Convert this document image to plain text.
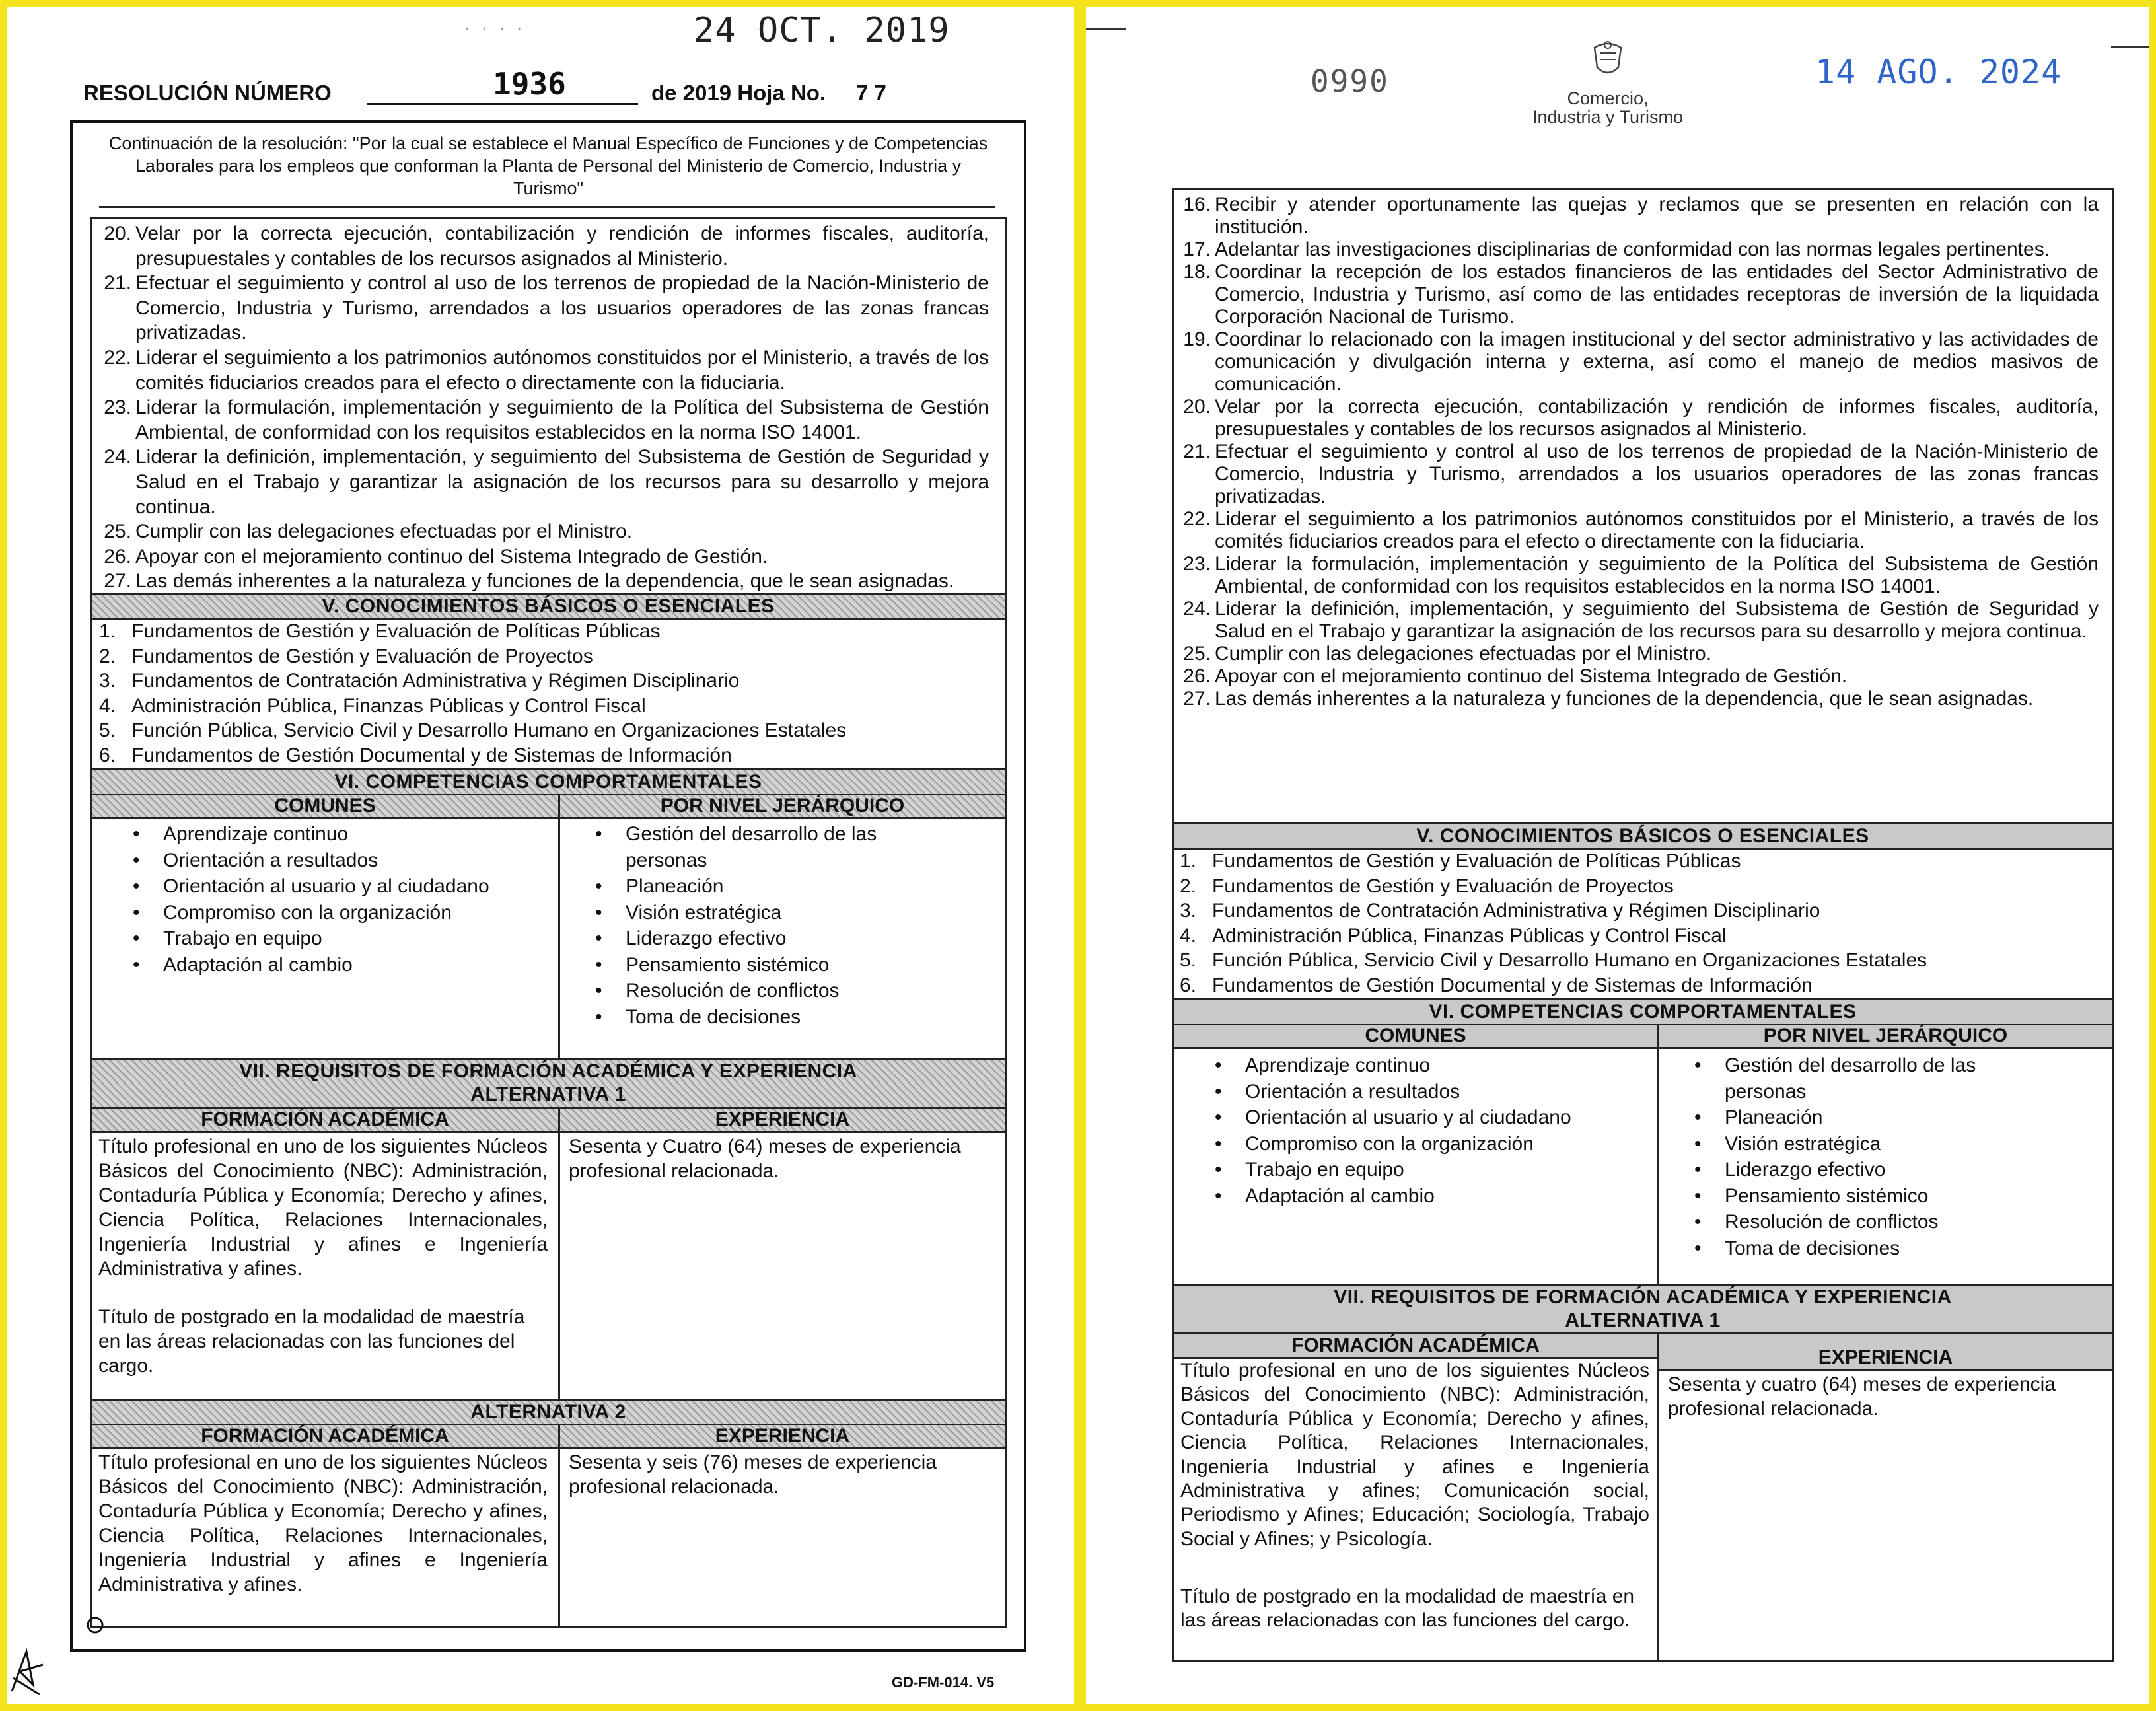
· · · ·	24 OCT. 2019
RESOLUCIÓN NÚMERO	1936	de 2019 Hoja No. 7 7
Continuación de la resolución: "Por la cual se establece el Manual Específico de Funciones y de Competencias Laborales para los empleos que conforman la Planta de Personal del Ministerio de Comercio, Industria y Turismo"
20. Velar por la correcta ejecución, contabilización y rendición de informes fiscales, auditoría, presupuestales y contables de los recursos asignados al Ministerio.
21. Efectuar el seguimiento y control al uso de los terrenos de propiedad de la Nación-Ministerio de Comercio, Industria y Turismo, arrendados a los usuarios operadores de las zonas francas privatizadas.
22. Liderar el seguimiento a los patrimonios autónomos constituidos por el Ministerio, a través de los comités fiduciarios creados para el efecto o directamente con la fiduciaria.
23. Liderar la formulación, implementación y seguimiento de la Política del Subsistema de Gestión Ambiental, de conformidad con los requisitos establecidos en la norma ISO 14001.
24. Liderar la definición, implementación, y seguimiento del Subsistema de Gestión de Seguridad y Salud en el Trabajo y garantizar la asignación de los recursos para su desarrollo y mejora continua.
25. Cumplir con las delegaciones efectuadas por el Ministro.
26. Apoyar con el mejoramiento continuo del Sistema Integrado de Gestión.
27. Las demás inherentes a la naturaleza y funciones de la dependencia, que le sean asignadas.
V. CONOCIMIENTOS BÁSICOS O ESENCIALES
1. Fundamentos de Gestión y Evaluación de Políticas Públicas
2. Fundamentos de Gestión y Evaluación de Proyectos
3. Fundamentos de Contratación Administrativa y Régimen Disciplinario
4. Administración Pública, Finanzas Públicas y Control Fiscal
5. Función Pública, Servicio Civil y Desarrollo Humano en Organizaciones Estatales
6. Fundamentos de Gestión Documental y de Sistemas de Información
VI. COMPETENCIAS COMPORTAMENTALES
COMUNES	POR NIVEL JERÁRQUICO
• Aprendizaje continuo
• Orientación a resultados
• Orientación al usuario y al ciudadano
• Compromiso con la organización
• Trabajo en equipo
• Adaptación al cambio
• Gestión del desarrollo de las personas
• Planeación
• Visión estratégica
• Liderazgo efectivo
• Pensamiento sistémico
• Resolución de conflictos
• Toma de decisiones
VII. REQUISITOS DE FORMACIÓN ACADÉMICA Y EXPERIENCIA
ALTERNATIVA 1
FORMACIÓN ACADÉMICA	EXPERIENCIA
Título profesional en uno de los siguientes Núcleos Básicos del Conocimiento (NBC): Administración, Contaduría Pública y Economía; Derecho y afines, Ciencia Política, Relaciones Internacionales, Ingeniería Industrial y afines e Ingeniería Administrativa y afines.
Título de postgrado en la modalidad de maestría en las áreas relacionadas con las funciones del cargo.
Sesenta y Cuatro (64) meses de experiencia profesional relacionada.
ALTERNATIVA 2
FORMACIÓN ACADÉMICA	EXPERIENCIA
Título profesional en uno de los siguientes Núcleos Básicos del Conocimiento (NBC): Administración, Contaduría Pública y Economía; Derecho y afines, Ciencia Política, Relaciones Internacionales, Ingeniería Industrial y afines e Ingeniería Administrativa y afines.
Sesenta y seis (76) meses de experiencia profesional relacionada.
GD-FM-014. V5
0990	Comercio,
Industria y Turismo
14 AGO. 2024
16. Recibir y atender oportunamente las quejas y reclamos que se presenten en relación con la institución.
17. Adelantar las investigaciones disciplinarias de conformidad con las normas legales pertinentes.
18. Coordinar la recepción de los estados financieros de las entidades del Sector Administrativo de Comercio, Industria y Turismo, así como de las entidades receptoras de inversión de la liquidada Corporación Nacional de Turismo.
19. Coordinar lo relacionado con la imagen institucional y del sector administrativo y las actividades de comunicación y divulgación interna y externa, así como el manejo de medios masivos de comunicación.
20. Velar por la correcta ejecución, contabilización y rendición de informes fiscales, auditoría, presupuestales y contables de los recursos asignados al Ministerio.
21. Efectuar el seguimiento y control al uso de los terrenos de propiedad de la Nación-Ministerio de Comercio, Industria y Turismo, arrendados a los usuarios operadores de las zonas francas privatizadas.
22. Liderar el seguimiento a los patrimonios autónomos constituidos por el Ministerio, a través de los comités fiduciarios creados para el efecto o directamente con la fiduciaria.
23. Liderar la formulación, implementación y seguimiento de la Política del Subsistema de Gestión Ambiental, de conformidad con los requisitos establecidos en la norma ISO 14001.
24. Liderar la definición, implementación, y seguimiento del Subsistema de Gestión de Seguridad y Salud en el Trabajo y garantizar la asignación de los recursos para su desarrollo y mejora continua.
25. Cumplir con las delegaciones efectuadas por el Ministro.
26. Apoyar con el mejoramiento continuo del Sistema Integrado de Gestión.
27. Las demás inherentes a la naturaleza y funciones de la dependencia, que le sean asignadas.
V. CONOCIMIENTOS BÁSICOS O ESENCIALES
1. Fundamentos de Gestión y Evaluación de Políticas Públicas
2. Fundamentos de Gestión y Evaluación de Proyectos
3. Fundamentos de Contratación Administrativa y Régimen Disciplinario
4. Administración Pública, Finanzas Públicas y Control Fiscal
5. Función Pública, Servicio Civil y Desarrollo Humano en Organizaciones Estatales
6. Fundamentos de Gestión Documental y de Sistemas de Información
VI. COMPETENCIAS COMPORTAMENTALES
COMUNES	POR NIVEL JERÁRQUICO
• Aprendizaje continuo
• Orientación a resultados
• Orientación al usuario y al ciudadano
• Compromiso con la organización
• Trabajo en equipo
• Adaptación al cambio
• Gestión del desarrollo de las personas
• Planeación
• Visión estratégica
• Liderazgo efectivo
• Pensamiento sistémico
• Resolución de conflictos
• Toma de decisiones
VII. REQUISITOS DE FORMACIÓN ACADÉMICA Y EXPERIENCIA
ALTERNATIVA 1
FORMACIÓN ACADÉMICA
EXPERIENCIA
Título profesional en uno de los siguientes Núcleos Básicos del Conocimiento (NBC): Administración, Contaduría Pública y Economía; Derecho y afines, Ciencia Política, Relaciones Internacionales, Ingeniería Industrial y afines e Ingeniería Administrativa y afines; Comunicación social, Periodismo y Afines; Educación; Sociología, Trabajo Social y Afines; y Psicología.
Título de postgrado en la modalidad de maestría en las áreas relacionadas con las funciones del cargo.
Sesenta y cuatro (64) meses de experiencia profesional relacionada.
